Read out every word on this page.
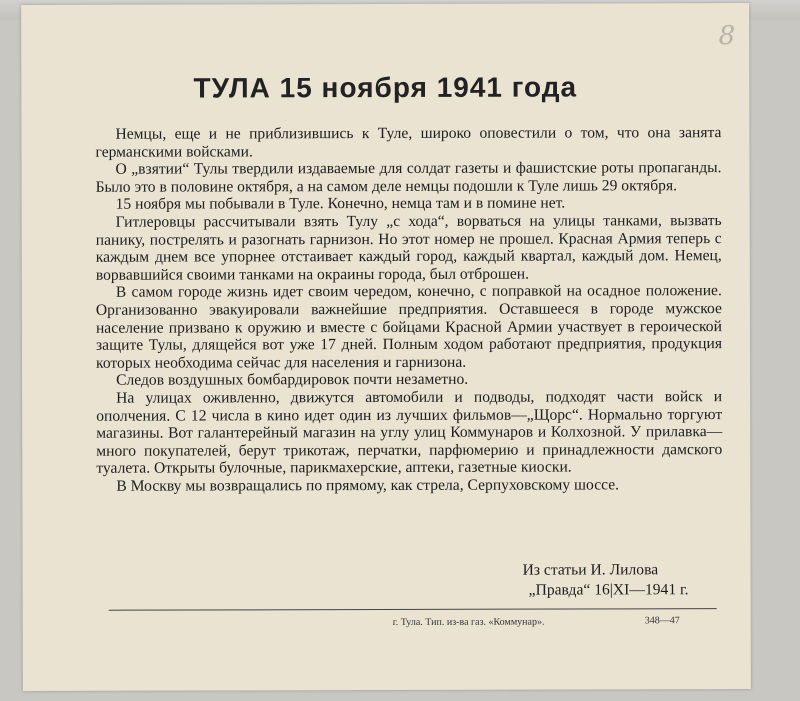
8
ТУЛА 15 ноября 1941 года

Немцы, еще и не приблизившись к Туле, широко оповестили о том, что она занята германскими войсками.

О „взятии“ Тулы твердили издаваемые для солдат газеты и фашистские роты пропаганды. Было это в половине октября, а на самом деле немцы подошли к Туле лишь 29 октября.

15 ноября мы побывали в Туле. Конечно, немца там и в помине нет.

Гитлеровцы рассчитывали взять Тулу „с хода“, ворваться на улицы танками, вызвать панику, пострелять и разогнать гарнизон. Но этот номер не прошел. Красная Армия теперь с каждым днем все упорнее отстаивает каждый город, каждый квартал, каждый дом. Немец, ворвавшийся своими танками на окраины города, был отброшен.

В самом городе жизнь идет своим чередом, конечно, с поправкой на осадное положение. Организованно эвакуировали важнейшие предприятия. Оставшееся в городе мужское население призвано к оружию и вместе с бойцами Красной Армии участвует в героической защите Тулы, длящейся вот уже 17 дней. Полным ходом работают предприятия, продукция которых необходима сейчас для населения и гарнизона.

Следов воздушных бомбардировок почти незаметно.

На улицах оживленно, движутся автомобили и подводы, подходят части войск и ополчения. С 12 числа в кино идет один из лучших фильмов—„Щорс“. Нормально торгуют магазины. Вот галантерейный магазин на углу улиц Коммунаров и Колхозной. У прилавка—много покупателей, берут трикотаж, перчатки, парфюмерию и принадлежности дамского туалета. Открыты булочные, парикмахерские, аптеки, газетные киоски.

В Москву мы возвращались по прямому, как стрела, Серпуховскому шоссе.

Из статьи И. Лилова
„Правда“ 16|XI—1941 г.
г. Тула. Тип. из-ва газ. «Коммунар».	348—47
